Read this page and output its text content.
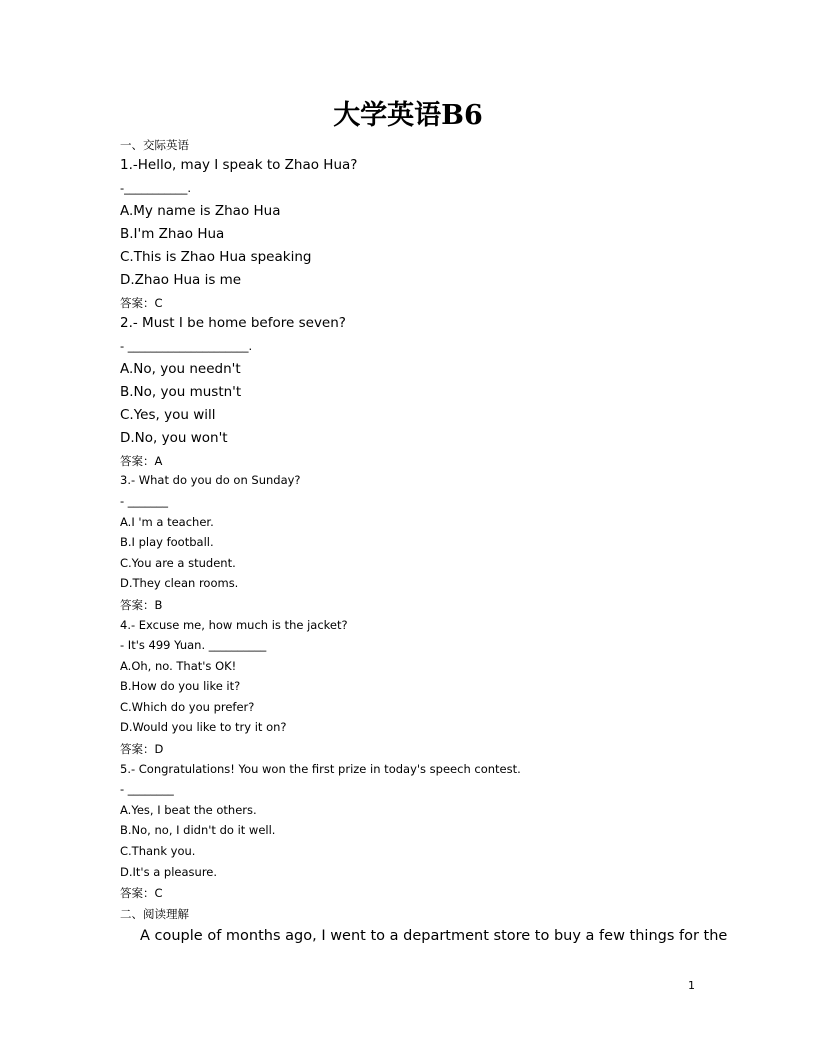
大学英语B6
一、交际英语
1.-Hello, may I speak to Zhao Hua?
-___________.
A.My name is Zhao Hua
B.I'm Zhao Hua
C.This is Zhao Hua speaking
D.Zhao Hua is me
答案：C
2.- Must I be home before seven?
- _____________________.
A.No, you needn't
B.No, you mustn't
C.Yes, you will
D.No, you won't
答案：A
3.- What do you do on Sunday?
- _______
A.I 'm a teacher.
B.I play football.
C.You are a student.
D.They clean rooms.
答案：B
4.- Excuse me, how much is the jacket?
- It's 499 Yuan. __________
A.Oh, no. That's OK!
B.How do you like it?
C.Which do you prefer?
D.Would you like to try it on?
答案：D
5.- Congratulations! You won the first prize in today's speech contest.
- ________
A.Yes, I beat the others.
B.No, no, I didn't do it well.
C.Thank you.
D.It's a pleasure.
答案：C
二、阅读理解
A couple of months ago, I went to a department store to buy a few things for the
1
